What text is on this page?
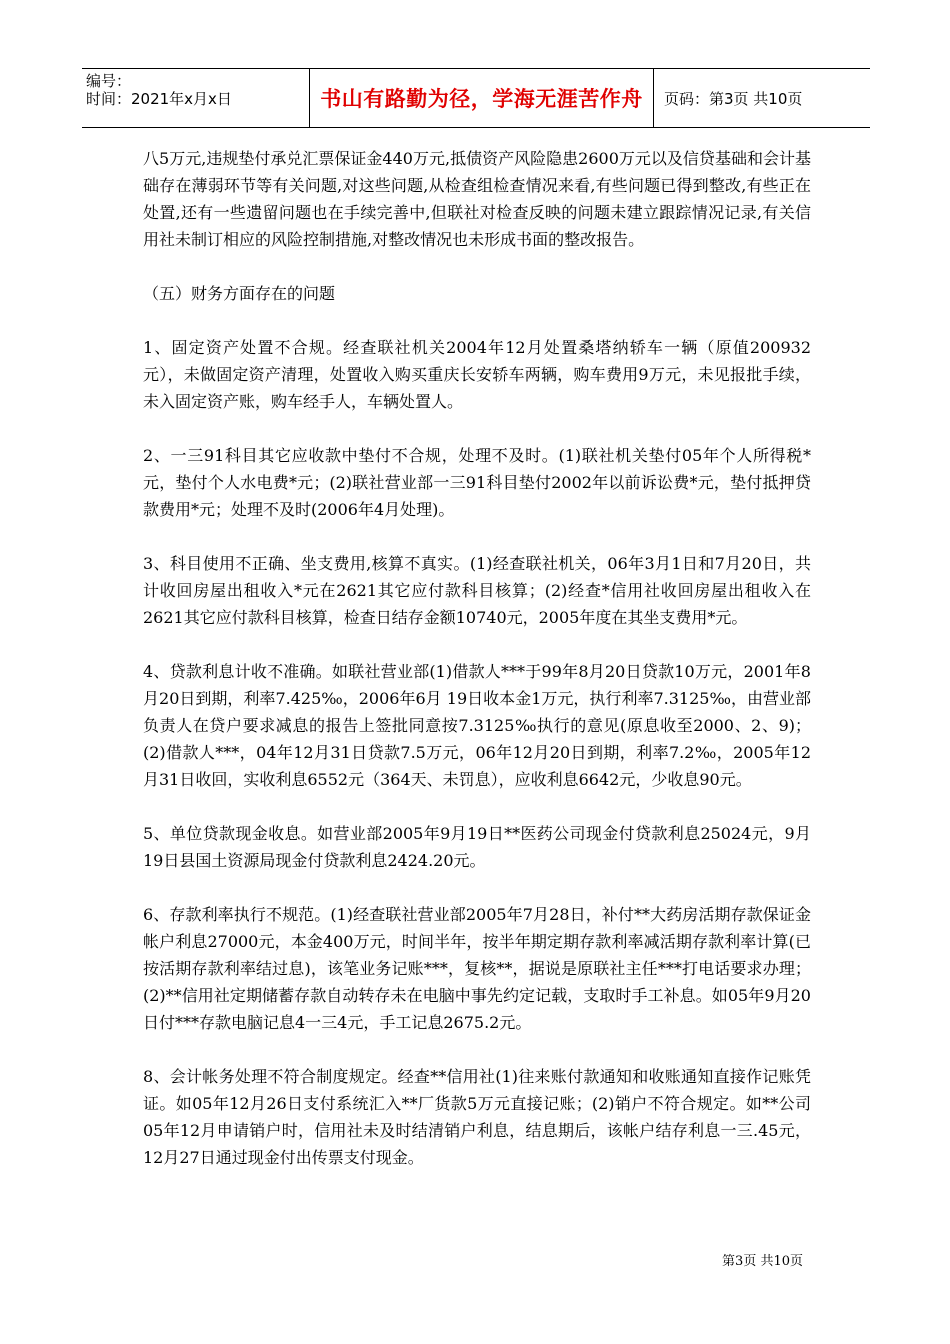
编号：
时间：2021年x月x日	书山有路勤为径，学海无涯苦作舟	页码：第3页 共10页

八5万元,违规垫付承兑汇票保证金440万元,抵债资产风险隐患2600万元以及信贷基础和会计基础存在薄弱环节等有关问题,对这些问题,从检查组检查情况来看,有些问题已得到整改,有些正在处置,还有一些遗留问题也在手续完善中,但联社对检查反映的问题未建立跟踪情况记录,有关信用社未制订相应的风险控制措施,对整改情况也未形成书面的整改报告。

（五）财务方面存在的问题

1、固定资产处置不合规。经查联社机关2004年12月处置桑塔纳轿车一辆（原值200932元），未做固定资产清理，处置收入购买重庆长安轿车两辆，购车费用9万元，未见报批手续，未入固定资产账，购车经手人，车辆处置人。

2、一三91科目其它应收款中垫付不合规，处理不及时。(1)联社机关垫付05年个人所得税*元，垫付个人水电费*元；(2)联社营业部一三91科目垫付2002年以前诉讼费*元，垫付抵押贷款费用*元；处理不及时(2006年4月处理)。

3、科目使用不正确、坐支费用,核算不真实。(1)经查联社机关，06年3月1日和7月20日，共计收回房屋出租收入*元在2621其它应付款科目核算；(2)经查*信用社收回房屋出租收入在2621其它应付款科目核算，检查日结存金额10740元，2005年度在其坐支费用*元。

4、贷款利息计收不准确。如联社营业部(1)借款人***于99年8月20日贷款10万元，2001年8月20日到期，利率7.425‰，2006年6月 19日收本金1万元，执行利率7.3125‰，由营业部负责人在贷户要求减息的报告上签批同意按7.3125‰执行的意见(原息收至2000、2、9)；(2)借款人***，04年12月31日贷款7.5万元，06年12月20日到期，利率7.2‰，2005年12月31日收回，实收利息6552元（364天、未罚息），应收利息6642元，少收息90元。

5、单位贷款现金收息。如营业部2005年9月19日**医药公司现金付贷款利息25024元，9月19日县国土资源局现金付贷款利息2424.20元。

6、存款利率执行不规范。(1)经查联社营业部2005年7月28日，补付**大药房活期存款保证金帐户利息27000元，本金400万元，时间半年，按半年期定期存款利率减活期存款利率计算(已按活期存款利率结过息)，该笔业务记账***，复核**，据说是原联社主任***打电话要求办理；(2)**信用社定期储蓄存款自动转存未在电脑中事先约定记载，支取时手工补息。如05年9月20日付***存款电脑记息4一三4元，手工记息2675.2元。

8、会计帐务处理不符合制度规定。经查**信用社(1)往来账付款通知和收账通知直接作记账凭证。如05年12月26日支付系统汇入**厂货款5万元直接记账；(2)销户不符合规定。如**公司05年12月申请销户时，信用社未及时结清销户利息，结息期后，该帐户结存利息一三.45元，12月27日通过现金付出传票支付现金。

第3页 共10页
